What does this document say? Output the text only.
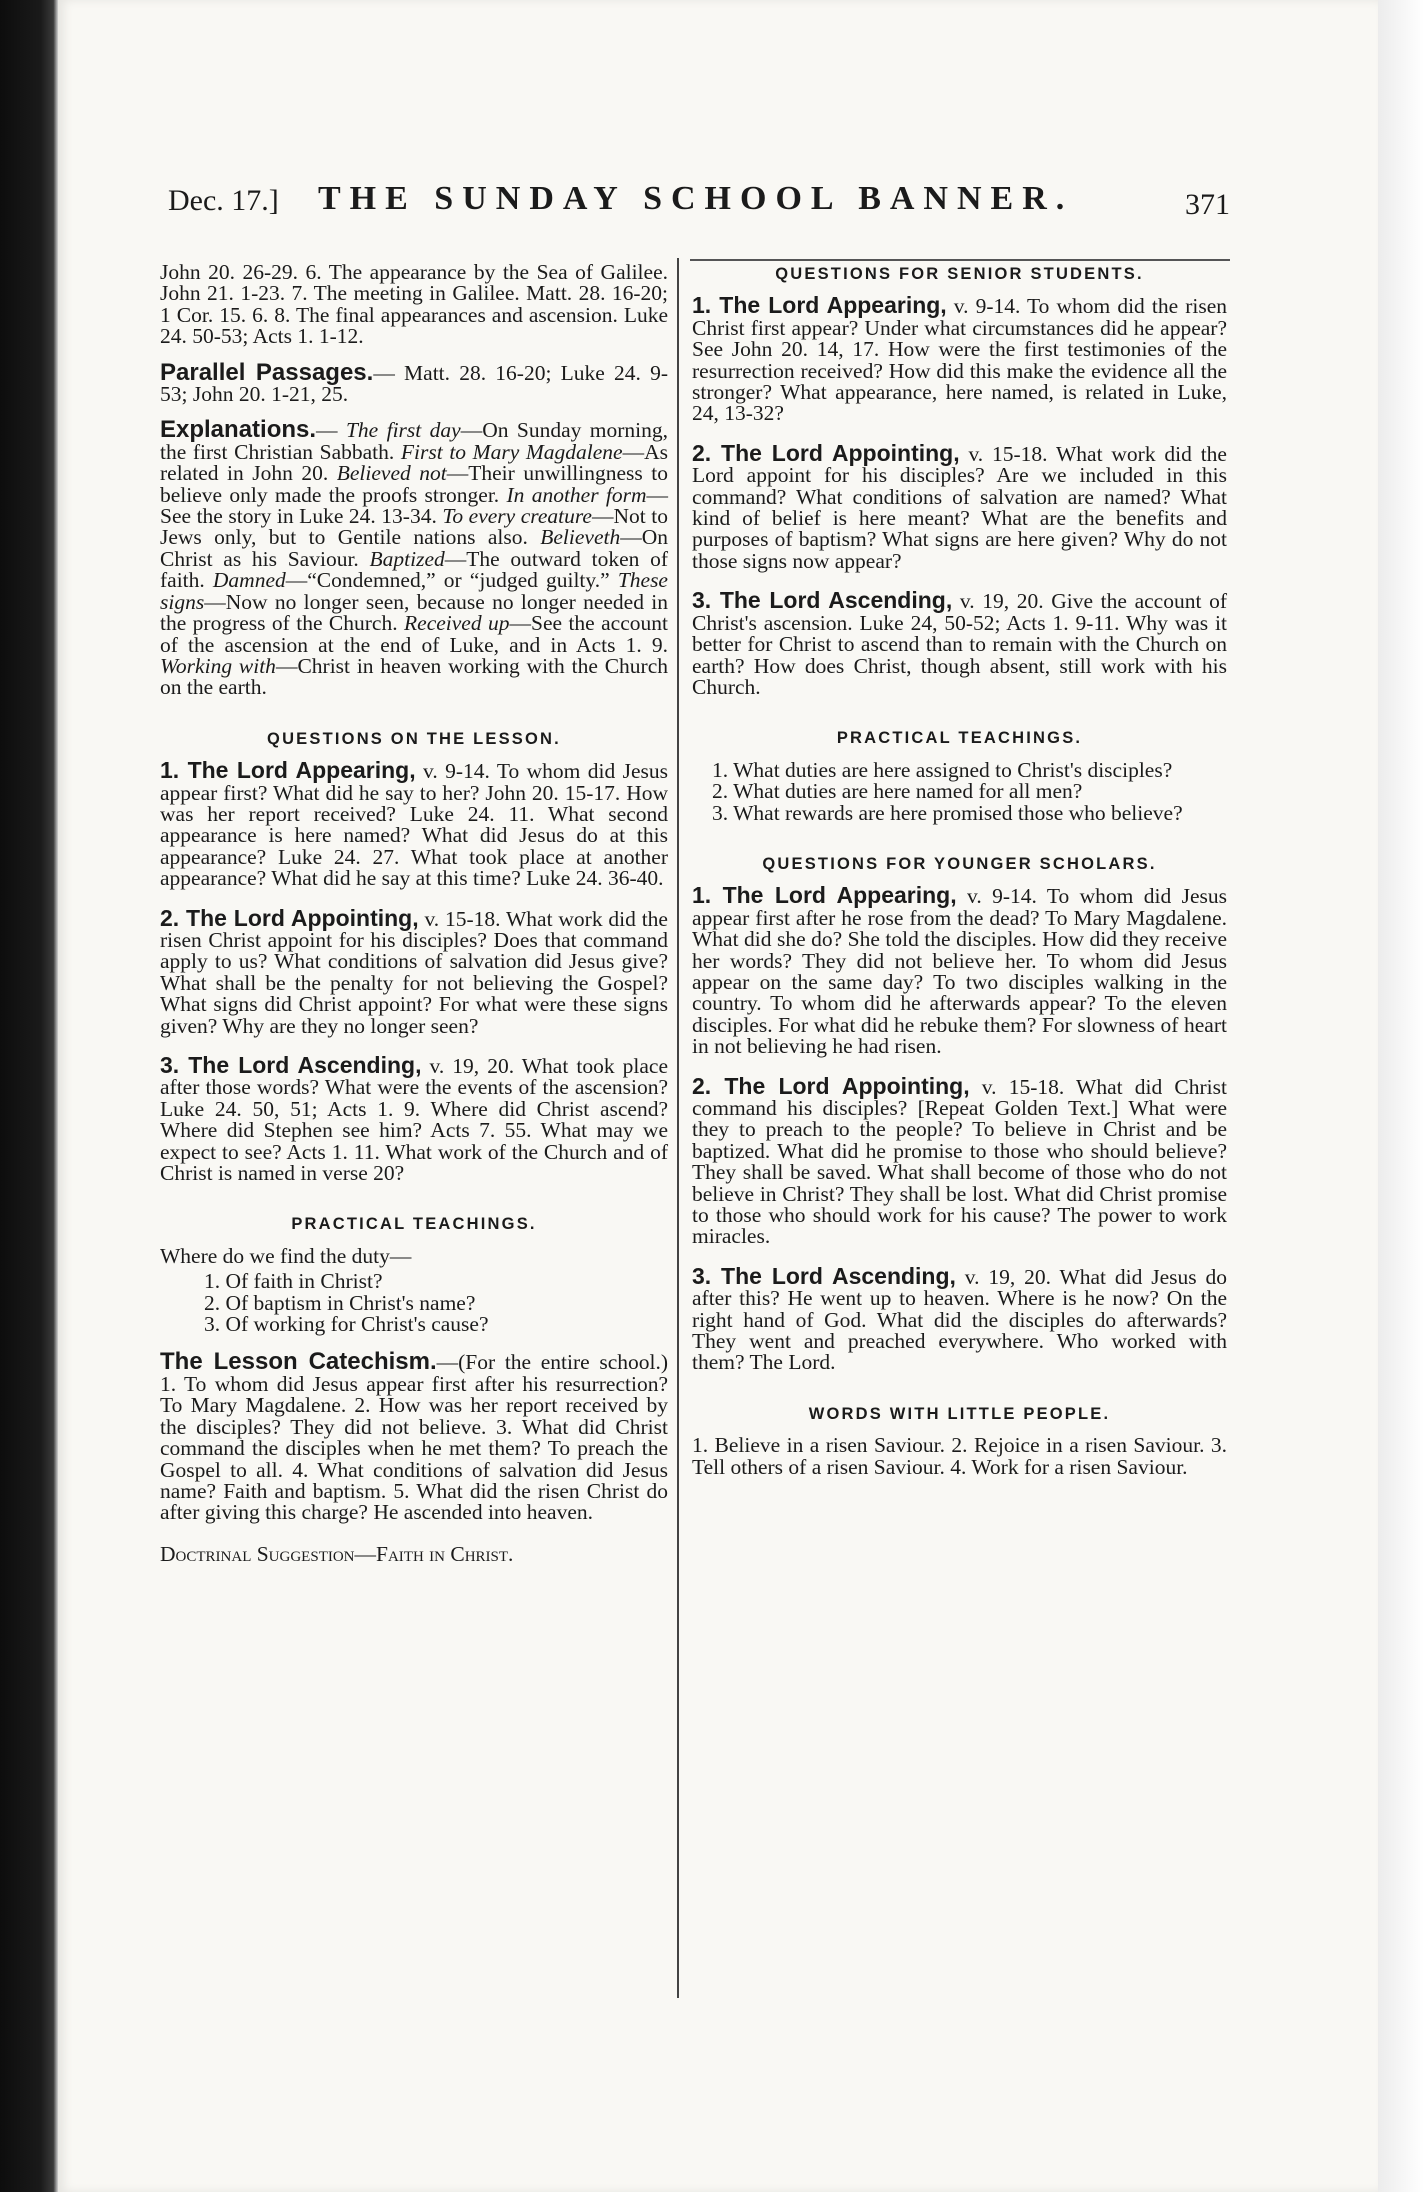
Dec. 17.] THE SUNDAY SCHOOL BANNER.	371

John 20. 26-29. 6. The appearance by the Sea of Galilee. John 21. 1-23. 7. The meeting in Galilee. Matt. 28. 16-20; 1 Cor. 15. 6. 8. The final appearances and ascension. Luke 24. 50-53; Acts 1. 1-12.

Parallel Passages.— Matt. 28. 16-20; Luke 24. 9-53; John 20. 1-21, 25.

Explanations.— The first day—On Sunday morning, the first Christian Sabbath. First to Mary Magdalene—As related in John 20. Believed not—Their unwillingness to believe only made the proofs stronger. In another form—See the story in Luke 24. 13-34. To every creature—Not to Jews only, but to Gentile nations also. Believeth—On Christ as his Saviour. Baptized—The outward token of faith. Damned—“Condemned,” or “judged guilty.” These signs—Now no longer seen, because no longer needed in the progress of the Church. Received up—See the account of the ascension at the end of Luke, and in Acts 1. 9. Working with—Christ in heaven working with the Church on the earth.

QUESTIONS ON THE LESSON.

1. The Lord Appearing, v. 9-14. To whom did Jesus appear first? What did he say to her? John 20. 15-17. How was her report received? Luke 24. 11. What second appearance is here named? What did Jesus do at this appearance? Luke 24. 27. What took place at another appearance? What did he say at this time? Luke 24. 36-40.

2. The Lord Appointing, v. 15-18. What work did the risen Christ appoint for his disciples? Does that command apply to us? What conditions of salvation did Jesus give? What shall be the penalty for not believing the Gospel? What signs did Christ appoint? For what were these signs given? Why are they no longer seen?

3. The Lord Ascending, v. 19, 20. What took place after those words? What were the events of the ascension? Luke 24. 50, 51; Acts 1. 9. Where did Christ ascend? Where did Stephen see him? Acts 7. 55. What may we expect to see? Acts 1. 11. What work of the Church and of Christ is named in verse 20?

PRACTICAL TEACHINGS.

Where do we find the duty—

1. Of faith in Christ?
2. Of baptism in Christ's name?
3. Of working for Christ's cause?

The Lesson Catechism.—(For the entire school.) 1. To whom did Jesus appear first after his resurrection? To Mary Magdalene. 2. How was her report received by the disciples? They did not believe. 3. What did Christ command the disciples when he met them? To preach the Gospel to all. 4. What conditions of salvation did Jesus name? Faith and baptism. 5. What did the risen Christ do after giving this charge? He ascended into heaven.

Doctrinal Suggestion—Faith in Christ.

QUESTIONS FOR SENIOR STUDENTS.

1. The Lord Appearing, v. 9-14. To whom did the risen Christ first appear? Under what circumstances did he appear? See John 20. 14, 17. How were the first testimonies of the resurrection received? How did this make the evidence all the stronger? What appearance, here named, is related in Luke, 24, 13-32?

2. The Lord Appointing, v. 15-18. What work did the Lord appoint for his disciples? Are we included in this command? What conditions of salvation are named? What kind of belief is here meant? What are the benefits and purposes of baptism? What signs are here given? Why do not those signs now appear?

3. The Lord Ascending, v. 19, 20. Give the account of Christ's ascension. Luke 24, 50-52; Acts 1. 9-11. Why was it better for Christ to ascend than to remain with the Church on earth? How does Christ, though absent, still work with his Church.

PRACTICAL TEACHINGS.
1. What duties are here assigned to Christ's disciples?
2. What duties are here named for all men?
3. What rewards are here promised those who believe?
QUESTIONS FOR YOUNGER SCHOLARS.

1. The Lord Appearing, v. 9-14. To whom did Jesus appear first after he rose from the dead? To Mary Magdalene. What did she do? She told the disciples. How did they receive her words? They did not believe her. To whom did Jesus appear on the same day? To two disciples walking in the country. To whom did he afterwards appear? To the eleven disciples. For what did he rebuke them? For slowness of heart in not believing he had risen.

2. The Lord Appointing, v. 15-18. What did Christ command his disciples? [Repeat Golden Text.] What were they to preach to the people? To believe in Christ and be baptized. What did he promise to those who should believe? They shall be saved. What shall become of those who do not believe in Christ? They shall be lost. What did Christ promise to those who should work for his cause? The power to work miracles.

3. The Lord Ascending, v. 19, 20. What did Jesus do after this? He went up to heaven. Where is he now? On the right hand of God. What did the disciples do afterwards? They went and preached everywhere. Who worked with them? The Lord.

WORDS WITH LITTLE PEOPLE.

1. Believe in a risen Saviour. 2. Rejoice in a risen Saviour. 3. Tell others of a risen Saviour. 4. Work for a risen Saviour.
